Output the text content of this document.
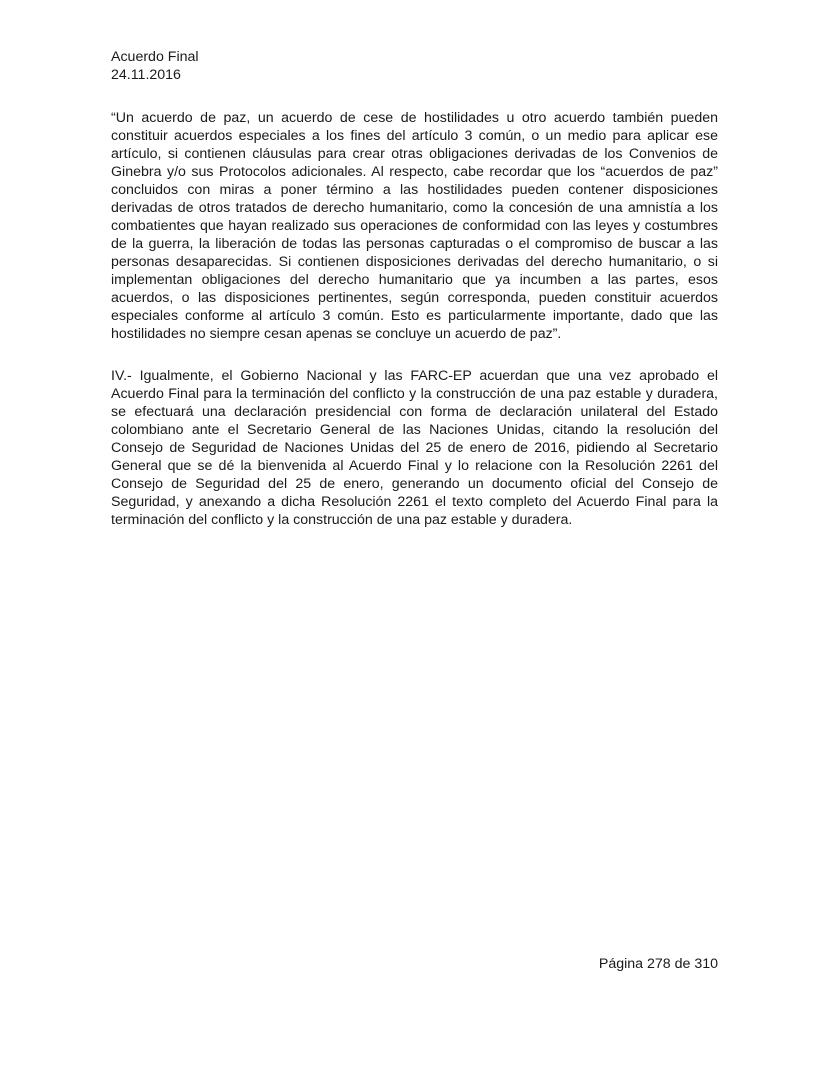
Acuerdo Final
24.11.2016

“Un acuerdo de paz, un acuerdo de cese de hostilidades u otro acuerdo también pueden constituir acuerdos especiales a los fines del artículo 3 común, o un medio para aplicar ese artículo, si contienen cláusulas para crear otras obligaciones derivadas de los Convenios de Ginebra y/o sus Protocolos adicionales. Al respecto, cabe recordar que los “acuerdos de paz” concluidos con miras a poner término a las hostilidades pueden contener disposiciones derivadas de otros tratados de derecho humanitario, como la concesión de una amnistía a los combatientes que hayan realizado sus operaciones de conformidad con las leyes y costumbres de la guerra, la liberación de todas las personas capturadas o el compromiso de buscar a las personas desaparecidas. Si contienen disposiciones derivadas del derecho humanitario, o si implementan obligaciones del derecho humanitario que ya incumben a las partes, esos acuerdos, o las disposiciones pertinentes, según corresponda, pueden constituir acuerdos especiales conforme al artículo 3 común. Esto es particularmente importante, dado que las hostilidades no siempre cesan apenas se concluye un acuerdo de paz”.

IV.- Igualmente, el Gobierno Nacional y las FARC-EP acuerdan que una vez aprobado el Acuerdo Final para la terminación del conflicto y la construcción de una paz estable y duradera, se efectuará una declaración presidencial con forma de declaración unilateral del Estado colombiano ante el Secretario General de las Naciones Unidas, citando la resolución del Consejo de Seguridad de Naciones Unidas del 25 de enero de 2016, pidiendo al Secretario General que se dé la bienvenida al Acuerdo Final y lo relacione con la Resolución 2261 del Consejo de Seguridad del 25 de enero, generando un documento oficial del Consejo de Seguridad, y anexando a dicha Resolución 2261 el texto completo del Acuerdo Final para la terminación del conflicto y la construcción de una paz estable y duradera.

Página 278 de 310
